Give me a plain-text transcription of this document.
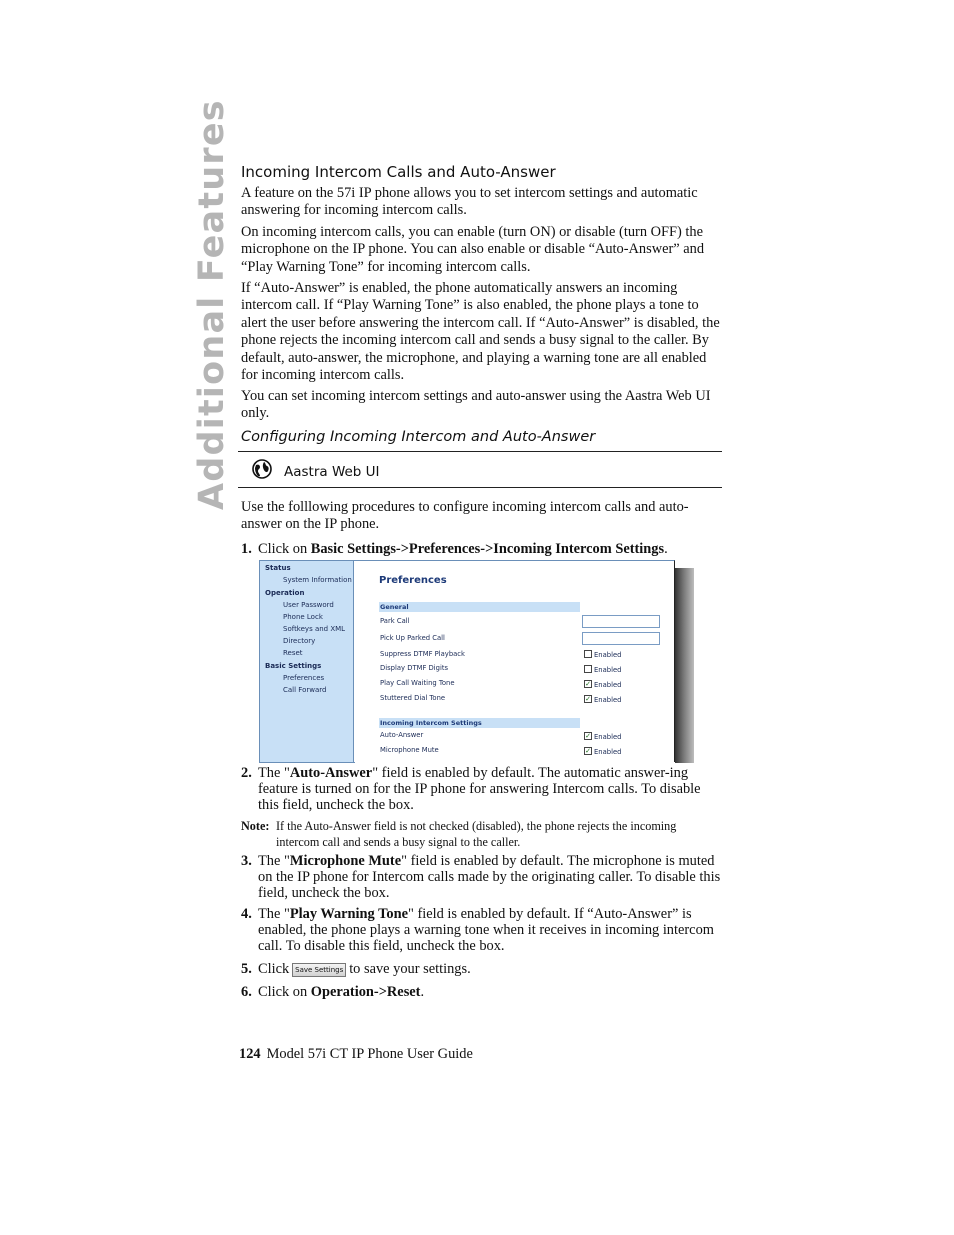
Additional Features Incoming Intercom Calls and Auto-Answer

A feature on the 57i IP phone allows you to set intercom settings and automatic answering for incoming intercom calls.

On incoming intercom calls, you can enable (turn ON) or disable (turn OFF) the microphone on the IP phone. You can also enable or disable “Auto-Answer” and “Play Warning Tone” for incoming intercom calls.

If “Auto-Answer” is enabled, the phone automatically answers an incoming intercom call. If “Play Warning Tone” is also enabled, the phone plays a tone to alert the user before answering the intercom call. If “Auto-Answer” is disabled, the phone rejects the incoming intercom call and sends a busy signal to the caller. By default, auto-answer, the microphone, and playing a warning tone are all enabled for incoming intercom calls.

You can set incoming intercom settings and auto-answer using the Aastra Web UI only.

Configuring Incoming Intercom and Auto-Answer
Aastra Web UI

Use the folllowing procedures to configure incoming intercom calls and auto-answer on the IP phone.

1. Click on Basic Settings->Preferences->Incoming Intercom Settings.
Status
System Information
Operation
User Password
Phone Lock
Softkeys and XML
Directory
Reset
Basic Settings
Preferences
Call Forward
Preferences
General
Park Call
Pick Up Parked Call
Suppress DTMF Playback	Enabled
Display DTMF Digits	Enabled
Play Call Waiting Tone	✓ Enabled
Stuttered Dial Tone	✓ Enabled
Incoming Intercom Settings
Auto-Answer	✓ Enabled
Microphone Mute	✓ Enabled
2. The "Auto-Answer" field is enabled by default. The automatic answer-ing feature is turned on for the IP phone for answering Intercom calls. To disable this field, uncheck the box.
Note: If the Auto-Answer field is not checked (disabled), the phone rejects the incoming intercom call and sends a busy signal to the caller.
3. The "Microphone Mute" field is enabled by default. The microphone is muted on the IP phone for Intercom calls made by the originating caller. To disable this field, uncheck the box.
4. The "Play Warning Tone" field is enabled by default. If “Auto-Answer” is enabled, the phone plays a warning tone when it receives in incoming intercom call. To disable this field, uncheck the box.
5. Click Save Settings to save your settings.
6. Click on Operation->Reset.
124 Model 57i CT IP Phone User Guide
